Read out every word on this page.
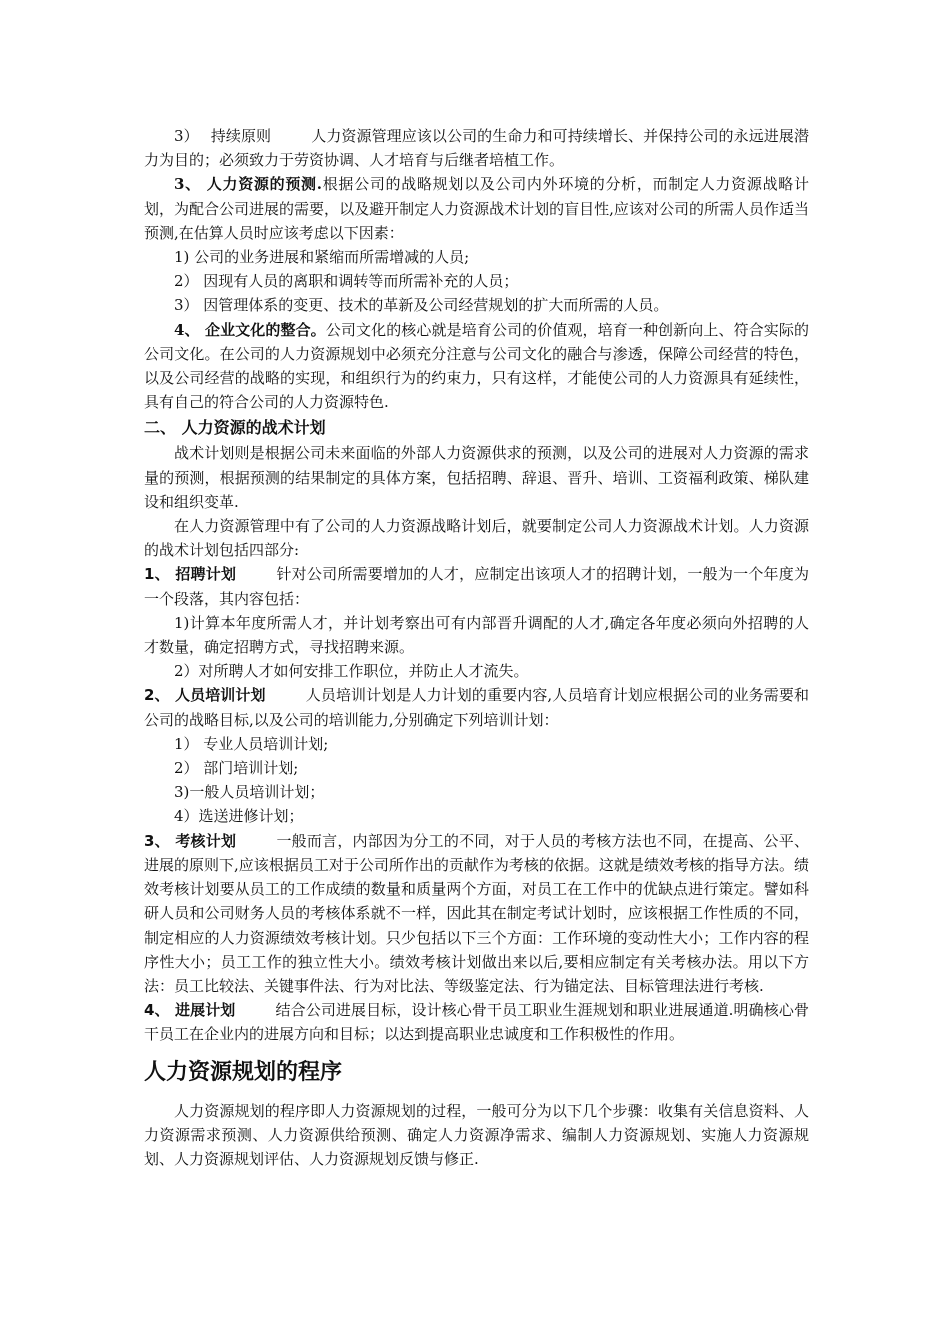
3） 持续原则	人力资源管理应该以公司的生命力和可持续增长、并保持公司的永远进展潜力为目的；必须致力于劳资协调、人才培育与后继者培植工作。

3、 人力资源的预测.根据公司的战略规划以及公司内外环境的分析，而制定人力资源战略计划，为配合公司进展的需要，以及避开制定人力资源战术计划的盲目性,应该对公司的所需人员作适当预测,在估算人员时应该考虑以下因素：

1) 公司的业务进展和紧缩而所需增减的人员;

2） 因现有人员的离职和调转等而所需补充的人员；

3） 因管理体系的变更、技术的革新及公司经营规划的扩大而所需的人员。

4、 企业文化的整合。公司文化的核心就是培育公司的价值观，培育一种创新向上、符合实际的公司文化。在公司的人力资源规划中必须充分注意与公司文化的融合与渗透，保障公司经营的特色，以及公司经营的战略的实现，和组织行为的约束力，只有这样，才能使公司的人力资源具有延续性，具有自己的符合公司的人力资源特色.

二、 人力资源的战术计划

战术计划则是根据公司未来面临的外部人力资源供求的预测，以及公司的进展对人力资源的需求量的预测，根据预测的结果制定的具体方案，包括招聘、辞退、晋升、培训、工资福利政策、梯队建设和组织变革.

在人力资源管理中有了公司的人力资源战略计划后，就要制定公司人力资源战术计划。人力资源的战术计划包括四部分:

1、 招聘计划	针对公司所需要增加的人才，应制定出该项人才的招聘计划，一般为一个年度为一个段落，其内容包括：

1)计算本年度所需人才，并计划考察出可有内部晋升调配的人才,确定各年度必须向外招聘的人才数量，确定招聘方式，寻找招聘来源。

2）对所聘人才如何安排工作职位，并防止人才流失。

2、 人员培训计划	人员培训计划是人力计划的重要内容,人员培育计划应根据公司的业务需要和公司的战略目标,以及公司的培训能力,分别确定下列培训计划：

1） 专业人员培训计划;

2） 部门培训计划;

3)一般人员培训计划；

4）选送进修计划；

3、 考核计划	一般而言，内部因为分工的不同，对于人员的考核方法也不同，在提高、公平、进展的原则下,应该根据员工对于公司所作出的贡献作为考核的依据。这就是绩效考核的指导方法。绩效考核计划要从员工的工作成绩的数量和质量两个方面，对员工在工作中的优缺点进行策定。譬如科研人员和公司财务人员的考核体系就不一样，因此其在制定考试计划时，应该根据工作性质的不同，制定相应的人力资源绩效考核计划。只少包括以下三个方面：工作环境的变动性大小；工作内容的程序性大小；员工工作的独立性大小。绩效考核计划做出来以后,要相应制定有关考核办法。用以下方法：员工比较法、关键事件法、行为对比法、等级鉴定法、行为锚定法、目标管理法进行考核.

4、 进展计划	结合公司进展目标，设计核心骨干员工职业生涯规划和职业进展通道.明确核心骨干员工在企业内的进展方向和目标；以达到提高职业忠诚度和工作积极性的作用。

人力资源规划的程序

人力资源规划的程序即人力资源规划的过程，一般可分为以下几个步骤：收集有关信息资料、人力资源需求预测、人力资源供给预测、确定人力资源净需求、编制人力资源规划、实施人力资源规划、人力资源规划评估、人力资源规划反馈与修正.
